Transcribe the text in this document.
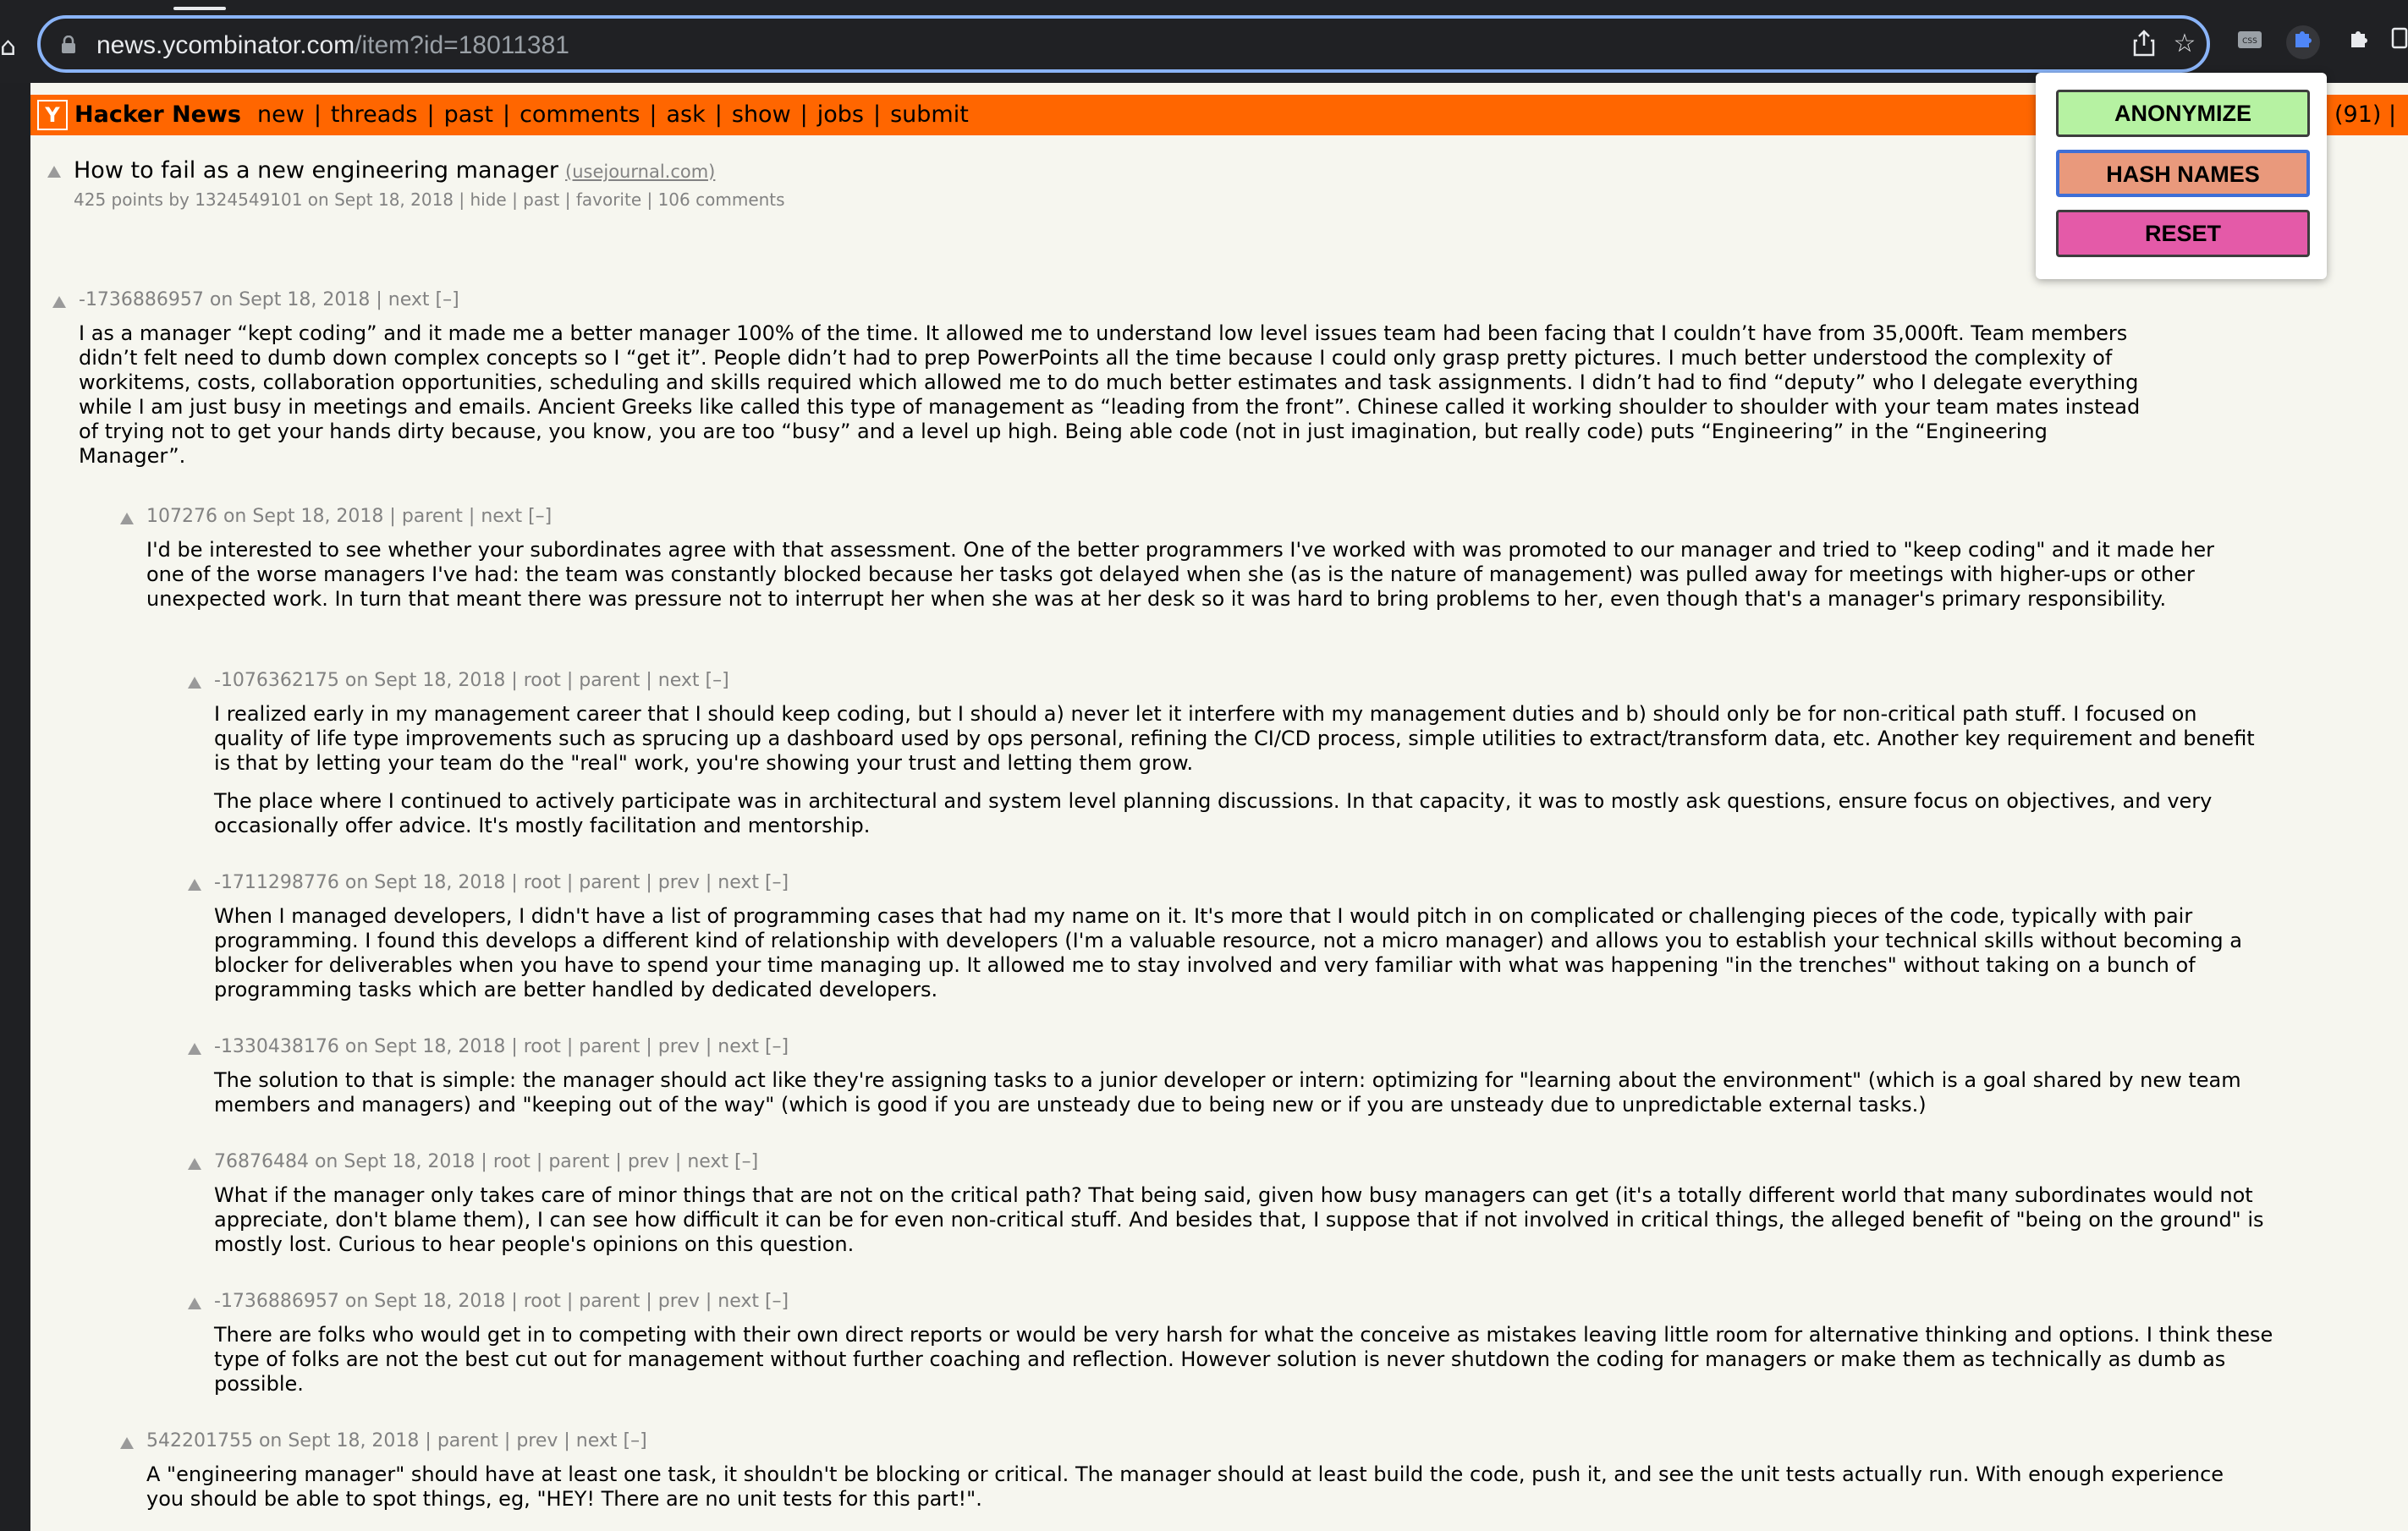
⌂	news.ycombinator.com/item?id=18011381	☆	CSS
Y Hacker News new | threads | past | comments | ask | show | jobs | submit	(91) |
How to fail as a new engineering manager (usejournal.com)
425 points by 1324549101 on Sept 18, 2018 | hide | past | favorite | 106 comments
-1736886957 on Sept 18, 2018 | next [–]

I as a manager “kept coding” and it made me a better manager 100% of the time. It allowed me to understand low level issues team had been facing that I couldn’t have from 35,000ft. Team members didn’t felt need to dumb down complex concepts so I “get it”. People didn’t had to prep PowerPoints all the time because I could only grasp pretty pictures. I much better understood the complexity of workitems, costs, collaboration opportunities, scheduling and skills required which allowed me to do much better estimates and task assignments. I didn’t had to find “deputy” who I delegate everything while I am just busy in meetings and emails. Ancient Greeks like called this type of management as “leading from the front”. Chinese called it working shoulder to shoulder with your team mates instead of trying not to get your hands dirty because, you know, you are too “busy” and a level up high. Being able code (not in just imagination, but really code) puts “Engineering” in the “Engineering Manager”.

107276 on Sept 18, 2018 | parent | next [–]

I'd be interested to see whether your subordinates agree with that assessment. One of the better programmers I've worked with was promoted to our manager and tried to "keep coding" and it made her one of the worse managers I've had: the team was constantly blocked because her tasks got delayed when she (as is the nature of management) was pulled away for meetings with higher-ups or other unexpected work. In turn that meant there was pressure not to interrupt her when she was at her desk so it was hard to bring problems to her, even though that's a manager's primary responsibility.

-1076362175 on Sept 18, 2018 | root | parent | next [–]

I realized early in my management career that I should keep coding, but I should a) never let it interfere with my management duties and b) should only be for non-critical path stuff. I focused on quality of life type improvements such as sprucing up a dashboard used by ops personal, refining the CI/CD process, simple utilities to extract/transform data, etc. Another key requirement and benefit is that by letting your team do the "real" work, you're showing your trust and letting them grow.

The place where I continued to actively participate was in architectural and system level planning discussions. In that capacity, it was to mostly ask questions, ensure focus on objectives, and very occasionally offer advice. It's mostly facilitation and mentorship.

-1711298776 on Sept 18, 2018 | root | parent | prev | next [–]

When I managed developers, I didn't have a list of programming cases that had my name on it. It's more that I would pitch in on complicated or challenging pieces of the code, typically with pair programming. I found this develops a different kind of relationship with developers (I'm a valuable resource, not a micro manager) and allows you to establish your technical skills without becoming a blocker for deliverables when you have to spend your time managing up. It allowed me to stay involved and very familiar with what was happening "in the trenches" without taking on a bunch of programming tasks which are better handled by dedicated developers.

-1330438176 on Sept 18, 2018 | root | parent | prev | next [–]

The solution to that is simple: the manager should act like they're assigning tasks to a junior developer or intern: optimizing for "learning about the environment" (which is a goal shared by new team members and managers) and "keeping out of the way" (which is good if you are unsteady due to being new or if you are unsteady due to unpredictable external tasks.)

76876484 on Sept 18, 2018 | root | parent | prev | next [–]

What if the manager only takes care of minor things that are not on the critical path? That being said, given how busy managers can get (it's a totally different world that many subordinates would not appreciate, don't blame them), I can see how difficult it can be for even non-critical stuff. And besides that, I suppose that if not involved in critical things, the alleged benefit of "being on the ground" is mostly lost. Curious to hear people's opinions on this question.

-1736886957 on Sept 18, 2018 | root | parent | prev | next [–]

There are folks who would get in to competing with their own direct reports or would be very harsh for what the conceive as mistakes leaving little room for alternative thinking and options. I think these type of folks are not the best cut out for management without further coaching and reflection. However solution is never shutdown the coding for managers or make them as technically as dumb as possible.

542201755 on Sept 18, 2018 | parent | prev | next [–]

A "engineering manager" should have at least one task, it shouldn't be blocking or critical. The manager should at least build the code, push it, and see the unit tests actually run. With enough experience you should be able to spot things, eg, "HEY! There are no unit tests for this part!".

ANONYMIZE
HASH NAMES
RESET
